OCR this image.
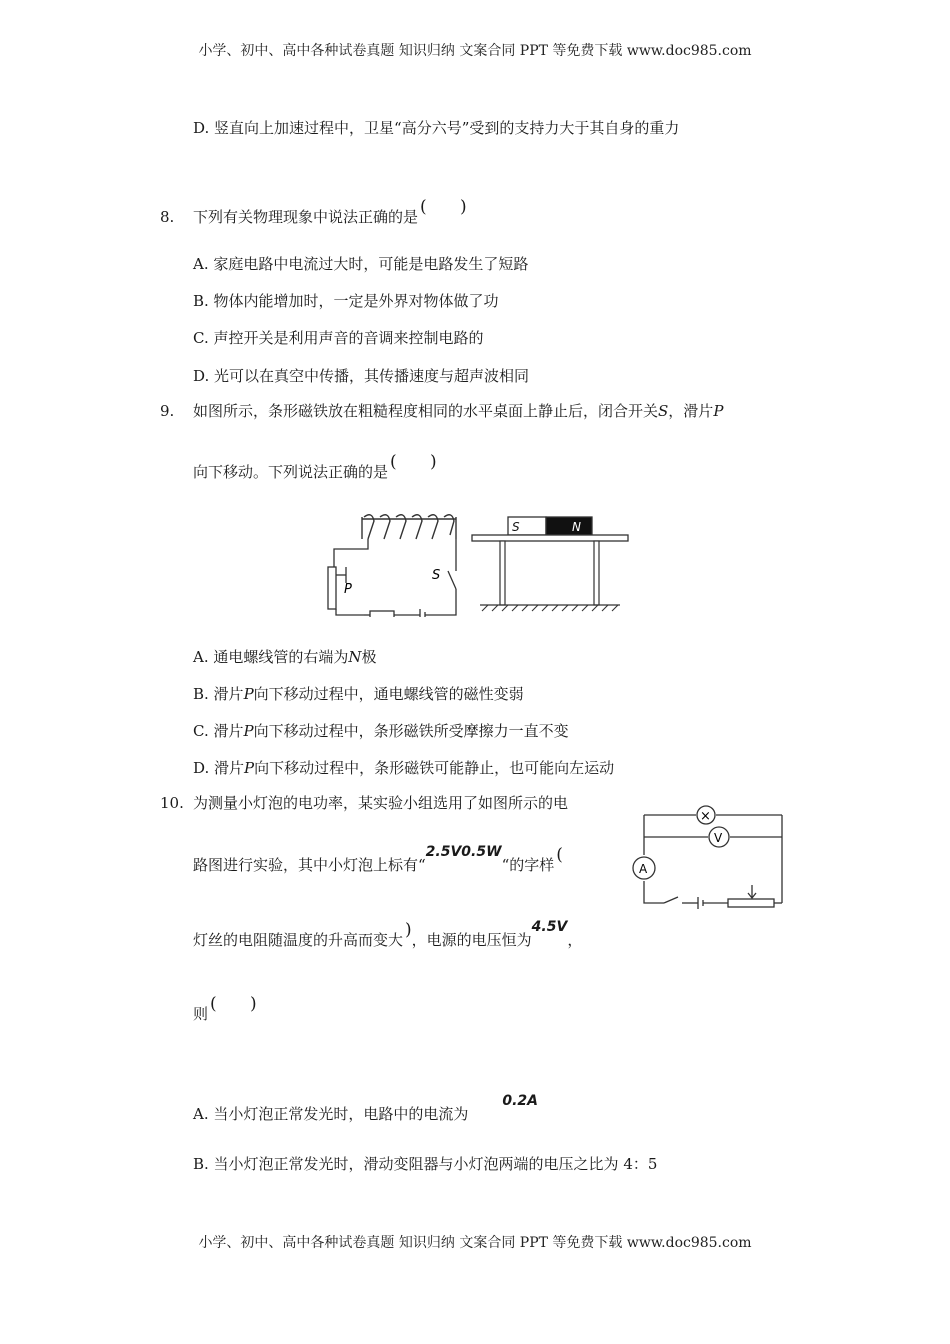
小学、初中、高中各种试卷真题 知识归纳 文案合同 PPT 等免费下载 www.doc985.com
D. 竖直向上加速过程中，卫星“高分六号”受到的支持力大于其自身的重力
8. 下列有关物理现象中说法正确的是 ( )
A. 家庭电路中电流过大时，可能是电路发生了短路
B. 物体内能增加时，一定是外界对物体做了功
C. 声控开关是利用声音的音调来控制电路的
D. 光可以在真空中传播，其传播速度与超声波相同
9. 如图所示，条形磁铁放在粗糙程度相同的水平桌面上静止后，闭合开关S，滑片P
向下移动。下列说法正确的是 ( )
P
S
S	N
A. 通电螺线管的右端为N极
B. 滑片P向下移动过程中，通电螺线管的磁性变弱
C. 滑片P向下移动过程中，条形磁铁所受摩擦力一直不变
D. 滑片P向下移动过程中，条形磁铁可能静止，也可能向左运动
10. 为测量小灯泡的电功率，某实验小组选用了如图所示的电
路图进行实验，其中小灯泡上标有“2.5V0.5W“的字样 (
灯丝的电阻随温度的升高而变大 )，电源的电压恒为4.5V，
则 ( )
×
V
A
A. 当小灯泡正常发光时，电路中的电流为0.2A
B. 当小灯泡正常发光时，滑动变阻器与小灯泡两端的电压之比为 4：5
小学、初中、高中各种试卷真题 知识归纳 文案合同 PPT 等免费下载 www.doc985.com
